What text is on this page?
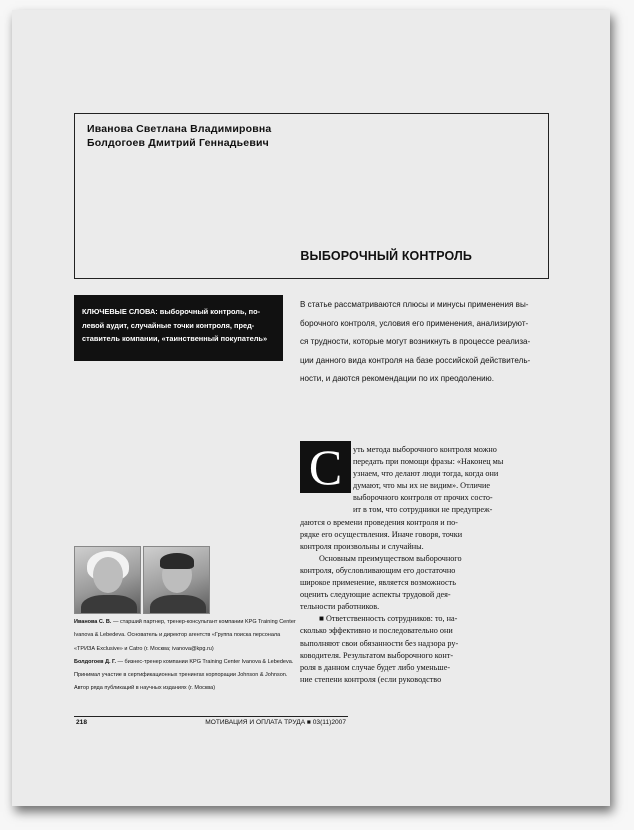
Иванова Светлана Владимировна
Болдогоев Дмитрий Геннадьевич
ВЫБОРОЧНЫЙ КОНТРОЛЬ
КЛЮЧЕВЫЕ СЛОВА: выборочный контроль, по-
левой аудит, случайные точки контроля, пред-
ставитель компании, «таинственный покупатель»
В статье рассматриваются плюсы и минусы применения вы-
борочного контроля, условия его применения, анализируют-
ся трудности, которые могут возникнуть в процессе реализа-
ции данного вида контроля на базе российской действитель-
ности, и даются рекомендации по их преодолению.
С	уть метода выборочного контроля можно
передать при помощи фразы: «Наконец мы
узнаем, что делают люди тогда, когда они
думают, что мы их не видим». Отличие
выборочного контроля от прочих состо-
ит в том, что сотрудники не предупреж-
даются о времени проведения контроля и по-
рядке его осуществления. Иначе говоря, точки
контроля произвольны и случайны.
Основным преимуществом выборочного
контроля, обусловливающим его достаточно
широкое применение, является возможность
оценить следующие аспекты трудовой дея-
тельности работников.
■ Ответственность сотрудников: то, на-
сколько эффективно и последовательно они
выполняют свои обязанности без надзора ру-
ководителя. Результатом выборочного конт-
роля в данном случае будет либо уменьше-
ние степени контроля (если руководство
Иванова С. В. — старший партнер, тренер-консультант компании KPG Training Center
Ivanova & Lebedeva. Основатель и директор агентств «Группа поиска персонала
«ТРИЗА Exclusive» и Catro (г. Москва; ivanova@kpg.ru)
Болдогоев Д. Г. — бизнес-тренер компании KPG Training Center Ivanova & Lebedeva.
Принимал участие в сертификационных тренингах корпорации Johnson & Johnson.
Автор ряда публикаций в научных изданиях (г. Москва)
218	МОТИВАЦИЯ И ОПЛАТА ТРУДА ■ 03(11)2007
